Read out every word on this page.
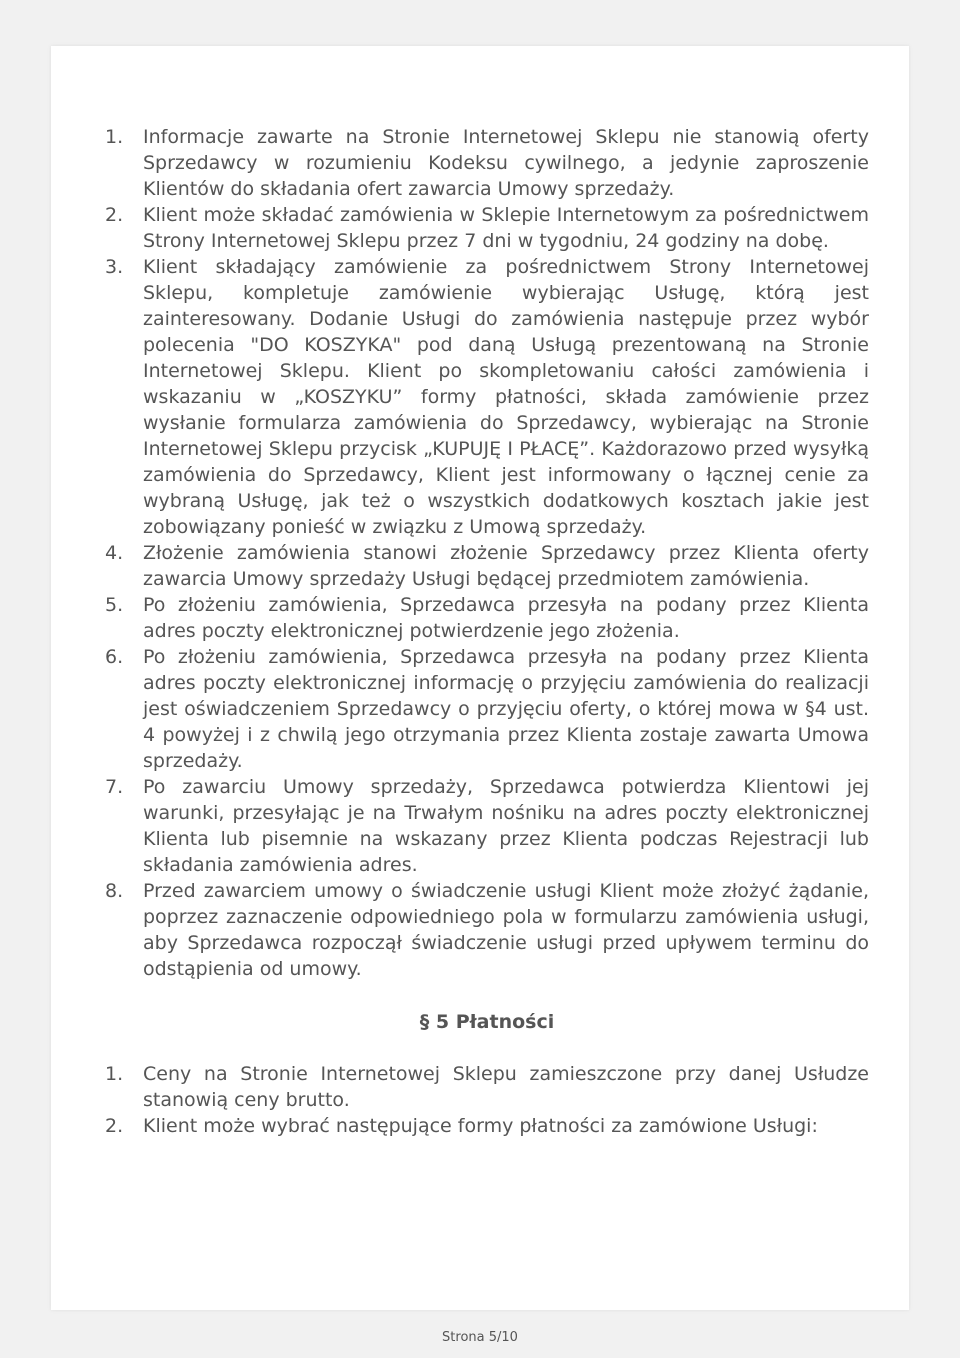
1.	Informacje zawarte na Stronie Internetowej Sklepu nie stanowią oferty Sprzedawcy w rozumieniu Kodeksu cywilnego, a jedynie zaproszenie Klientów do składania ofert zawarcia Umowy sprzedaży.
2.	Klient może składać zamówienia w Sklepie Internetowym za pośrednictwem Strony Internetowej Sklepu przez 7 dni w tygodniu, 24 godziny na dobę.
3.	Klient składający zamówienie za pośrednictwem Strony Internetowej Sklepu, kompletuje zamówienie wybierając Usługę, którą jest zainteresowany. Dodanie Usługi do zamówienia następuje przez wybór polecenia "DO KOSZYKA" pod daną Usługą prezentowaną na Stronie Internetowej Sklepu. Klient po skompletowaniu całości zamówienia i wskazaniu w „KOSZYKU” formy płatności, składa zamówienie przez wysłanie formularza zamówienia do Sprzedawcy, wybierając na Stronie Internetowej Sklepu przycisk „KUPUJĘ I PŁACĘ”. Każdorazowo przed wysyłką zamówienia do Sprzedawcy, Klient jest informowany o łącznej cenie za wybraną Usługę, jak też o wszystkich dodatkowych kosztach jakie jest zobowiązany ponieść w związku z Umową sprzedaży.
4.	Złożenie zamówienia stanowi złożenie Sprzedawcy przez Klienta oferty zawarcia Umowy sprzedaży Usługi będącej przedmiotem zamówienia.
5.	Po złożeniu zamówienia, Sprzedawca przesyła na podany przez Klienta adres poczty elektronicznej potwierdzenie jego złożenia.
6.	Po złożeniu zamówienia, Sprzedawca przesyła na podany przez Klienta adres poczty elektronicznej informację o przyjęciu zamówienia do realizacji jest oświadczeniem Sprzedawcy o przyjęciu oferty, o której mowa w §4 ust. 4 powyżej i z chwilą jego otrzymania przez Klienta zostaje zawarta Umowa sprzedaży.
7.	Po zawarciu Umowy sprzedaży, Sprzedawca potwierdza Klientowi jej warunki, przesyłając je na Trwałym nośniku na adres poczty elektronicznej Klienta lub pisemnie na wskazany przez Klienta podczas Rejestracji lub składania zamówienia adres.
8.	Przed zawarciem umowy o świadczenie usługi Klient może złożyć żądanie, poprzez zaznaczenie odpowiedniego pola w formularzu zamówienia usługi, aby Sprzedawca rozpoczął świadczenie usługi przed upływem terminu do odstąpienia od umowy.
§ 5 Płatności
1.	Ceny na Stronie Internetowej Sklepu zamieszczone przy danej Usłudze stanowią ceny brutto.
2.	Klient może wybrać następujące formy płatności za zamówione Usługi:
Strona 5/10
